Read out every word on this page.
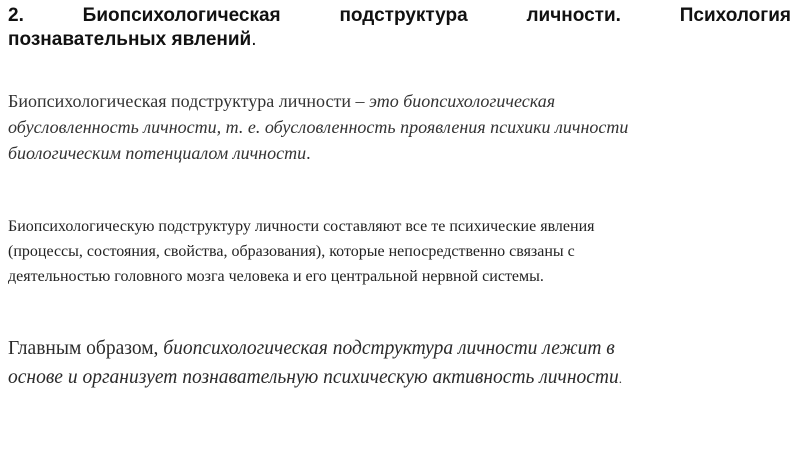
2.	Биопсихологическая	подструктура	личности.	Психология
познавательных явлений.
Биопсихологическая подструктура личности – это биопсихологическая
обусловленность личности, т. е. обусловленность проявления психики личности
биологическим потенциалом личности.
Биопсихологическую подструктуру личности составляют все те психические явления
(процессы, состояния, свойства, образования), которые непосредственно связаны с
деятельностью головного мозга человека и его центральной нервной системы.
Главным образом, биопсихологическая подструктура личности лежит в
основе и организует познавательную психическую активность личности.
